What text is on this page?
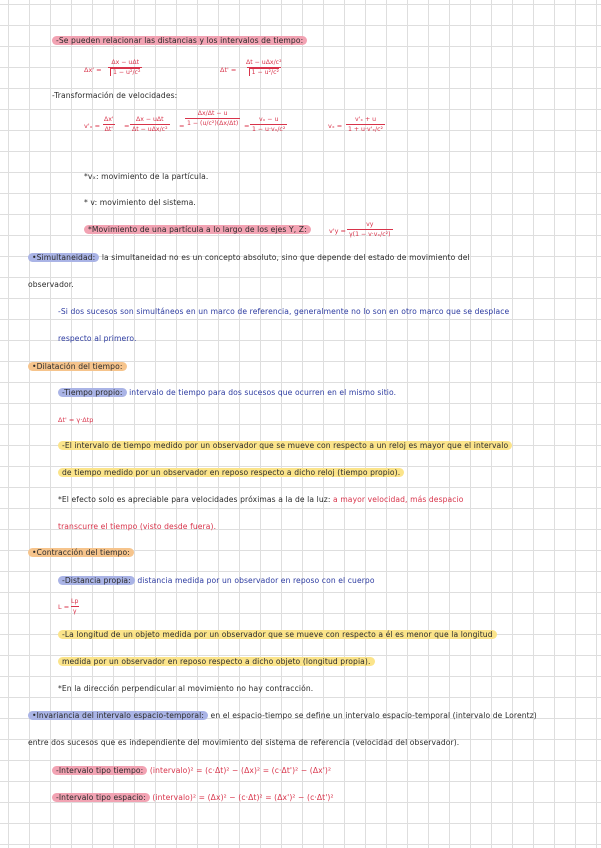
-Se pueden relacionar las distancias y los intervalos de tiempo:
Δx' =
Δx − uΔt
1 − u²/c²	Δt' =
Δt − uΔx/c²
1 − u²/c²
-Transformación de velocidades:
$v'_x = \frac{\Delta x'}{\Delta t'}$ =
Δx − uΔt
Δt − uΔx/c²	= $\frac{\Delta x/\Delta t - u}{\text{1 − (u/c²)(Δx/Δt)}} = \frac{\text{vₓ − u}}{\text{1 − u·vₓ/c²}}$	$v_x = \frac{\text{v'ₓ + u}}{\text{1 + u·v'ₓ/c²}}$
*vₓ: movimiento de la partícula.
* v: movimiento del sistema.
*Movimiento de una partícula a lo largo de los ejes Y, Z:	$v'y = \frac{vy}{\text{γ(1 − v·vₓ/c²)}}$
•Simultaneidad: la simultaneidad no es un concepto absoluto, sino que depende del estado de movimiento del
observador.
-Si dos sucesos son simultáneos en un marco de referencia, generalmente no lo son en otro marco que se desplace
respecto al primero.
•Dilatación del tiempo:
-Tiempo propio: intervalo de tiempo para dos sucesos que ocurren en el mismo sitio.
Δt' = γ·Δtp
-El intervalo de tiempo medido por un observador que se mueve con respecto a un reloj es mayor que el intervalo
de tiempo medido por un observador en reposo respecto a dicho reloj (tiempo propio).
*El efecto solo es apreciable para velocidades próximas a la de la luz: a mayor velocidad, más despacio
transcurre el tiempo (visto desde fuera).
•Contracción del tiempo:
-Distancia propia: distancia medida por un observador en reposo con el cuerpo
$L = \frac{Lp}{\gamma}$
-La longitud de un objeto medida por un observador que se mueve con respecto a él es menor que la longitud
medida por un observador en reposo respecto a dicho objeto (longitud propia).
*En la dirección perpendicular al movimiento no hay contracción.
•Invariancia del intervalo espacio-temporal: en el espacio-tiempo se define un intervalo espacio-temporal (intervalo de Lorentz)
entre dos sucesos que es independiente del movimiento del sistema de referencia (velocidad del observador).
-Intervalo tipo tiempo: (intervalo)² = (c·Δt)² − (Δx)² = (c·Δt')² − (Δx')²
-Intervalo tipo espacio: (intervalo)² = (Δx)² − (c·Δt)² = (Δx')² − (c·Δt')²
